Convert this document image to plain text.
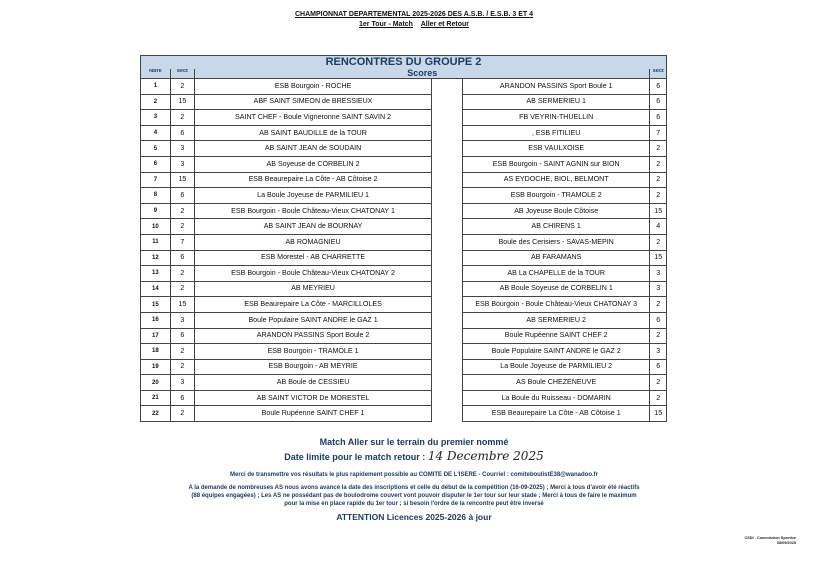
CHAMPIONNAT DEPARTEMENTAL 2025-2026 DES A.S.B. / E.S.B. 3 ET 4
1er Tour - Match Aller et Retour
RENCONTRES DU GROUPE 2					
Nbre	sect	Scores			sect
1	2	ESB Bourgoin - ROCHE		ARANDON PASSINS Sport Boule 1	6
2	15	ABF SAINT SIMEON de BRESSIEUX		AB SERMERIEU 1	6
3	2	SAINT CHEF - Boule Vigneronne SAINT SAVIN 2		FB VEYRIN-THUELLIN	6
4	6	AB SAINT BAUDILLE de la TOUR		, ESB FITILIEU	7
5	3	AB SAINT JEAN de SOUDAIN		ESB VAULXOISE	2
6	3	AB Soyeuse de CORBELIN 2		ESB Bourgoin - SAINT AGNIN sur BION	2
7	15	ESB Beaurepaire La Côte - AB Côtoise 2		AS EYDOCHE, BIOL, BELMONT	2
8	6	La Boule Joyeuse de PARMILIEU 1		ESB Bourgoin - TRAMOLE 2	2
9	2	ESB Bourgoin - Boule Château-Vieux CHATONAY 1		AB Joyeuse Boule Côtoise	15
10	2	AB SAINT JEAN de BOURNAY		AB CHIRENS 1	4
11	7	AB ROMAGNIEU		Boule des Cerisiers - SAVAS-MEPIN	2
12	6	ESB Morestel - AB CHARRETTE		AB FARAMANS	15
13	2	ESB Bourgoin - Boule Château-Vieux CHATONAY 2		AB La CHAPELLE de la TOUR	3
14	2	AB MEYRIEU		AB Boule Soyeuse de CORBELIN 1	3
15	15	ESB Beaurepaire La Côte - MARCILLOLES		ESB Bourgoin - Boule Château-Vieux CHATONAY 3	2
16	3	Boule Populaire SAINT ANDRE le GAZ 1		AB SERMERIEU 2	6
17	6	ARANDON PASSINS Sport Boule 2		Boule Rupéenne SAINT CHEF 2	2
18	2	ESB Bourgoin - TRAMOLE 1		Boule Populaire SAINT ANDRE le GAZ 2	3
19	2	ESB Bourgoin - AB MEYRIE		La Boule Joyeuse de PARMILIEU 2	6
20	3	AB Boule de CESSIEU		AS Boule CHEZENEUVE	2
21	6	AB SAINT VICTOR De MORESTEL		La Boule du Ruisseau - DOMARIN	2
22	2	Boule Rupéenne SAINT CHEF 1		ESB Beaurepaire La Côte - AB Côtoise 1	15
Match Aller sur le terrain du premier nommé
Date limite pour le match retour : 14 Decembre 2025
Merci de transmettre vos résultats le plus rapidement possible au COMITE DE L'ISERE - Courriel : comiteboulistE38@wanadoo.fr
A la demande de nombreuses AS nous avons avancé la date des inscriptions et celle du début de la compétition (16-09-2025) ; Merci à tous d'avoir été réactifs
(88 équipes engagées) ; Les AS ne possédant pas de boulodrome couvert vont pouvoir disputer le 1er tour sur leur stade ; Merci à tous de faire le maximum
pour la mise en place rapide du 1er tour ; si besoin l'ordre de la rencontre peut être inversé
ATTENTION Licences 2025-2026 à jour
CSDI - Commission Sportive
08/09/2025
